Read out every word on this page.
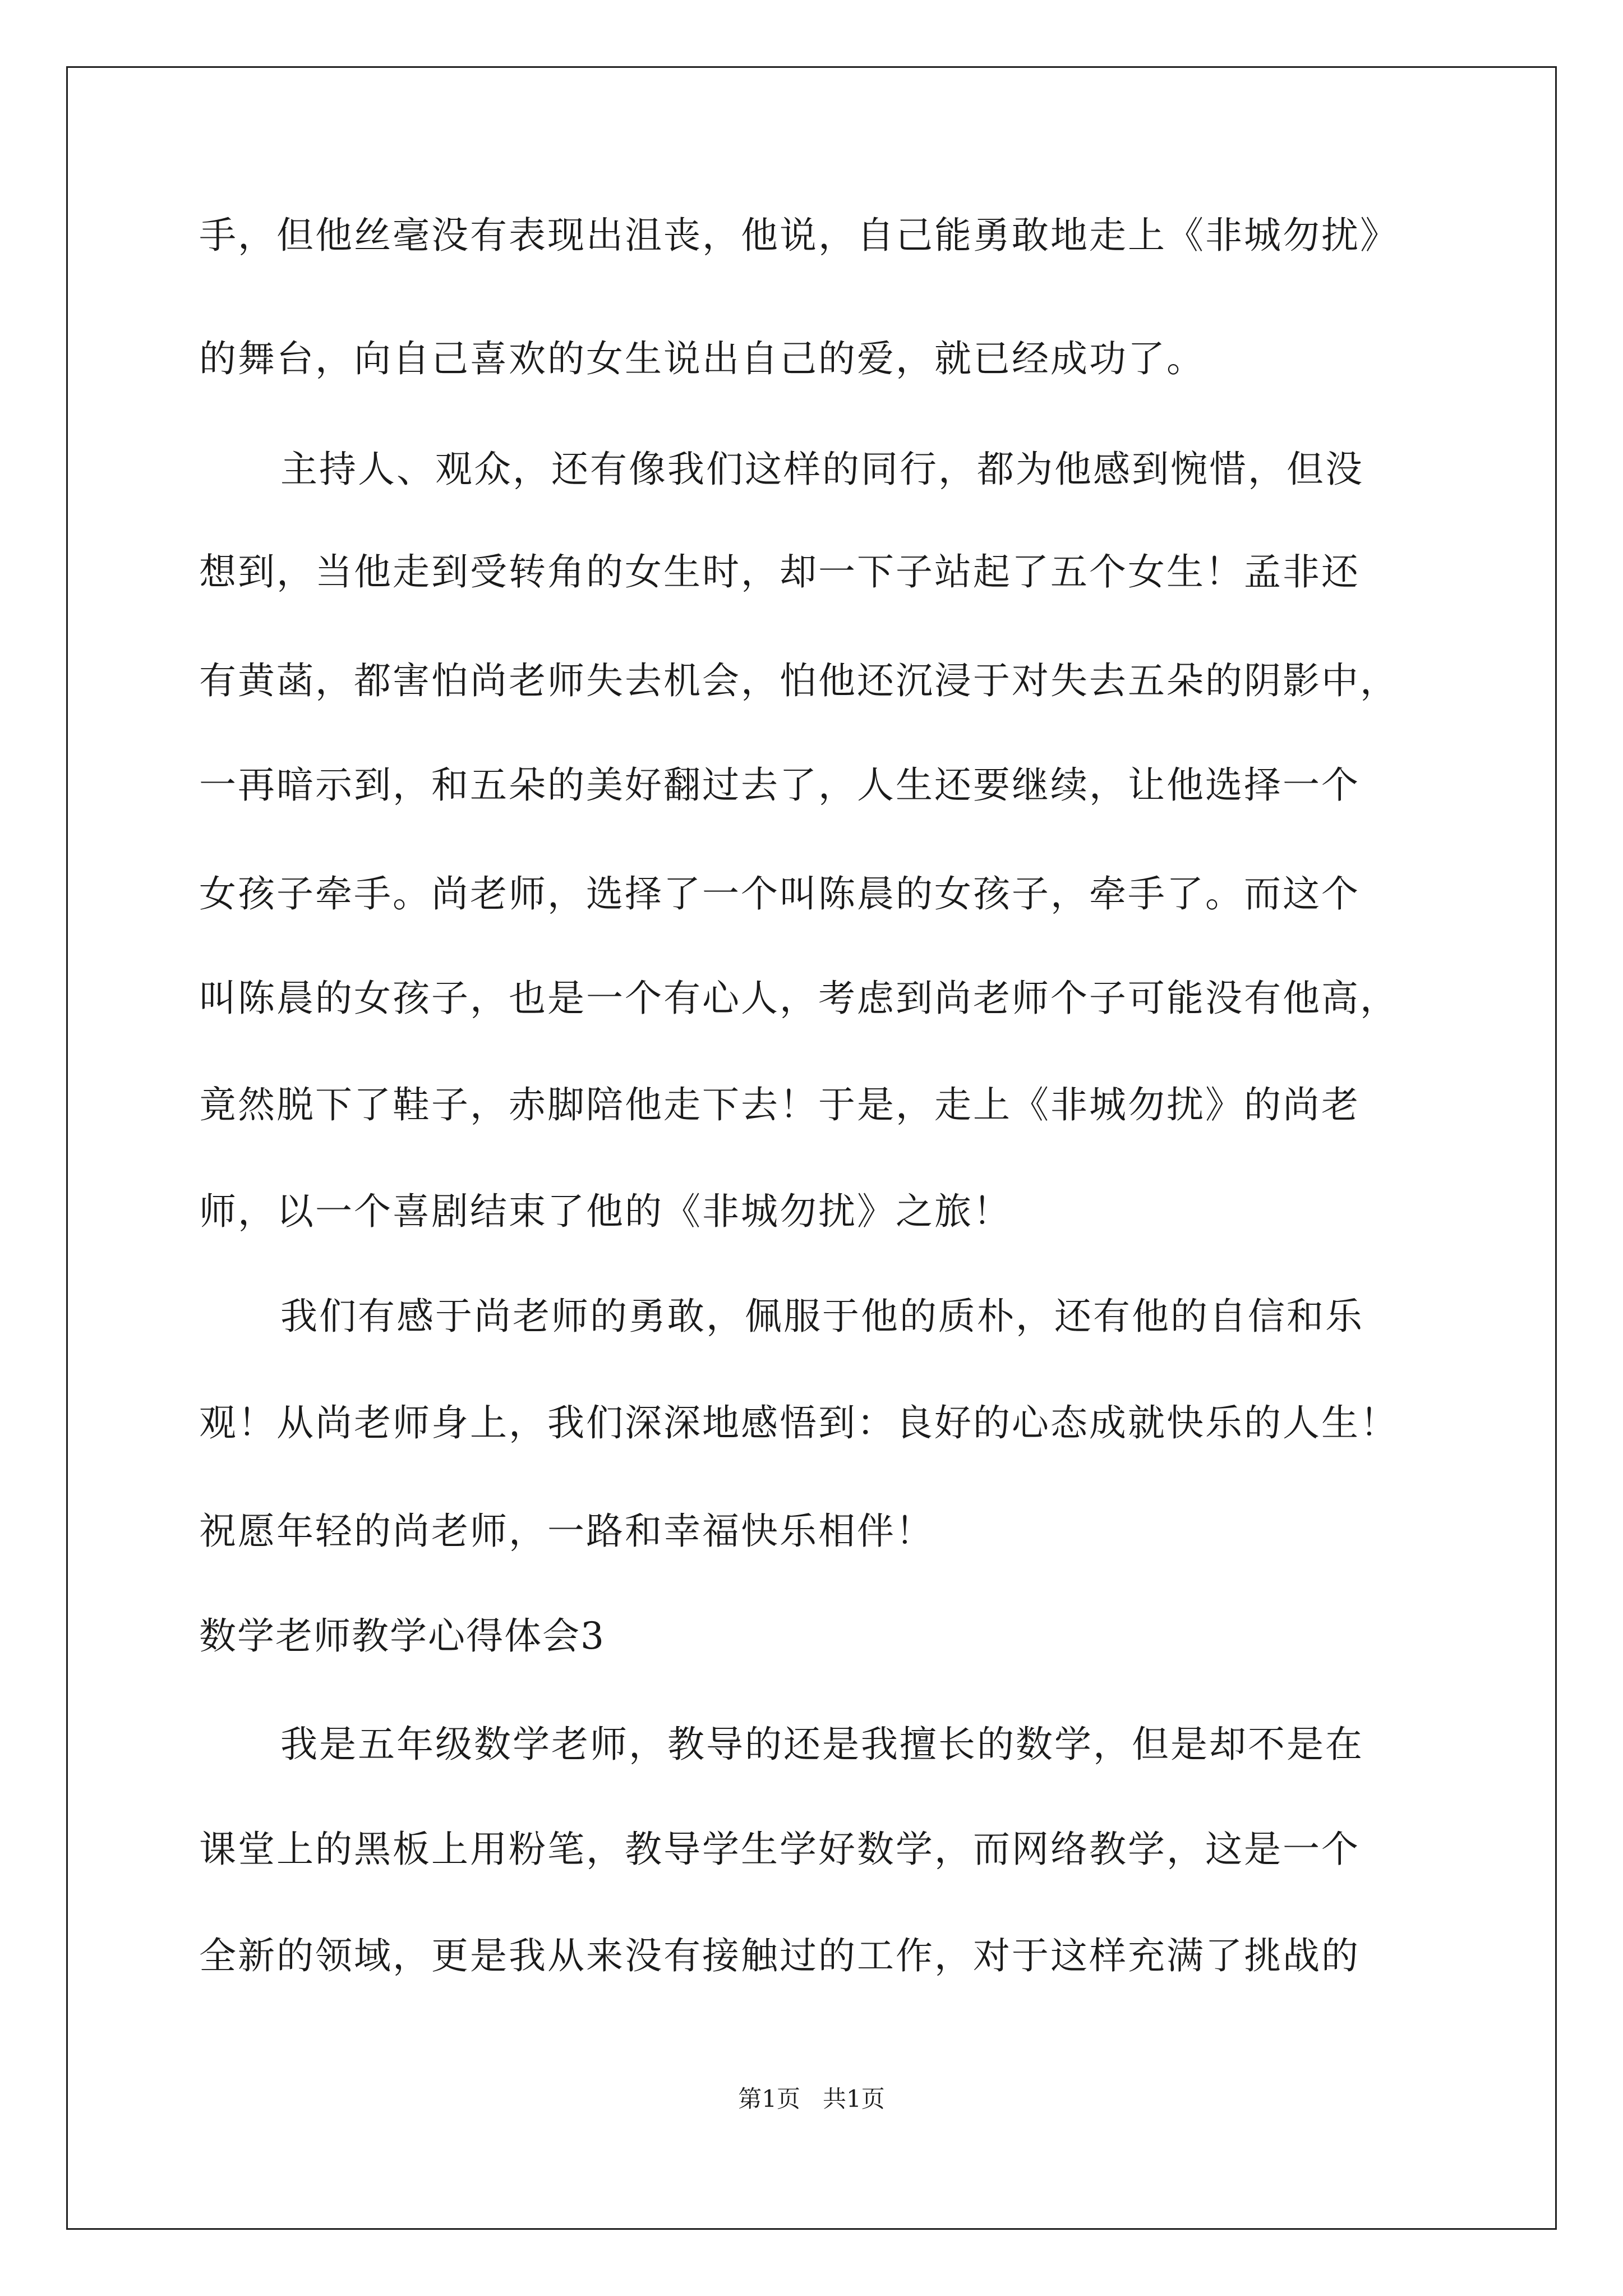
手，但他丝毫没有表现出沮丧，他说，自己能勇敢地走上《非城勿扰》
的舞台，向自己喜欢的女生说出自己的爱，就已经成功了。
主持人、观众，还有像我们这样的同行，都为他感到惋惜，但没
想到，当他走到受转角的女生时，却一下子站起了五个女生！孟非还
有黄菡，都害怕尚老师失去机会，怕他还沉浸于对失去五朵的阴影中，
一再暗示到，和五朵的美好翻过去了，人生还要继续，让他选择一个
女孩子牵手。尚老师，选择了一个叫陈晨的女孩子，牵手了。而这个
叫陈晨的女孩子，也是一个有心人，考虑到尚老师个子可能没有他高，
竟然脱下了鞋子，赤脚陪他走下去！于是，走上《非城勿扰》的尚老
师，以一个喜剧结束了他的《非城勿扰》之旅！
我们有感于尚老师的勇敢，佩服于他的质朴，还有他的自信和乐
观！从尚老师身上，我们深深地感悟到：良好的心态成就快乐的人生！
祝愿年轻的尚老师，一路和幸福快乐相伴！
数学老师教学心得体会3
我是五年级数学老师，教导的还是我擅长的数学，但是却不是在
课堂上的黑板上用粉笔，教导学生学好数学，而网络教学，这是一个
全新的领域，更是我从来没有接触过的工作，对于这样充满了挑战的
第1页   共1页
